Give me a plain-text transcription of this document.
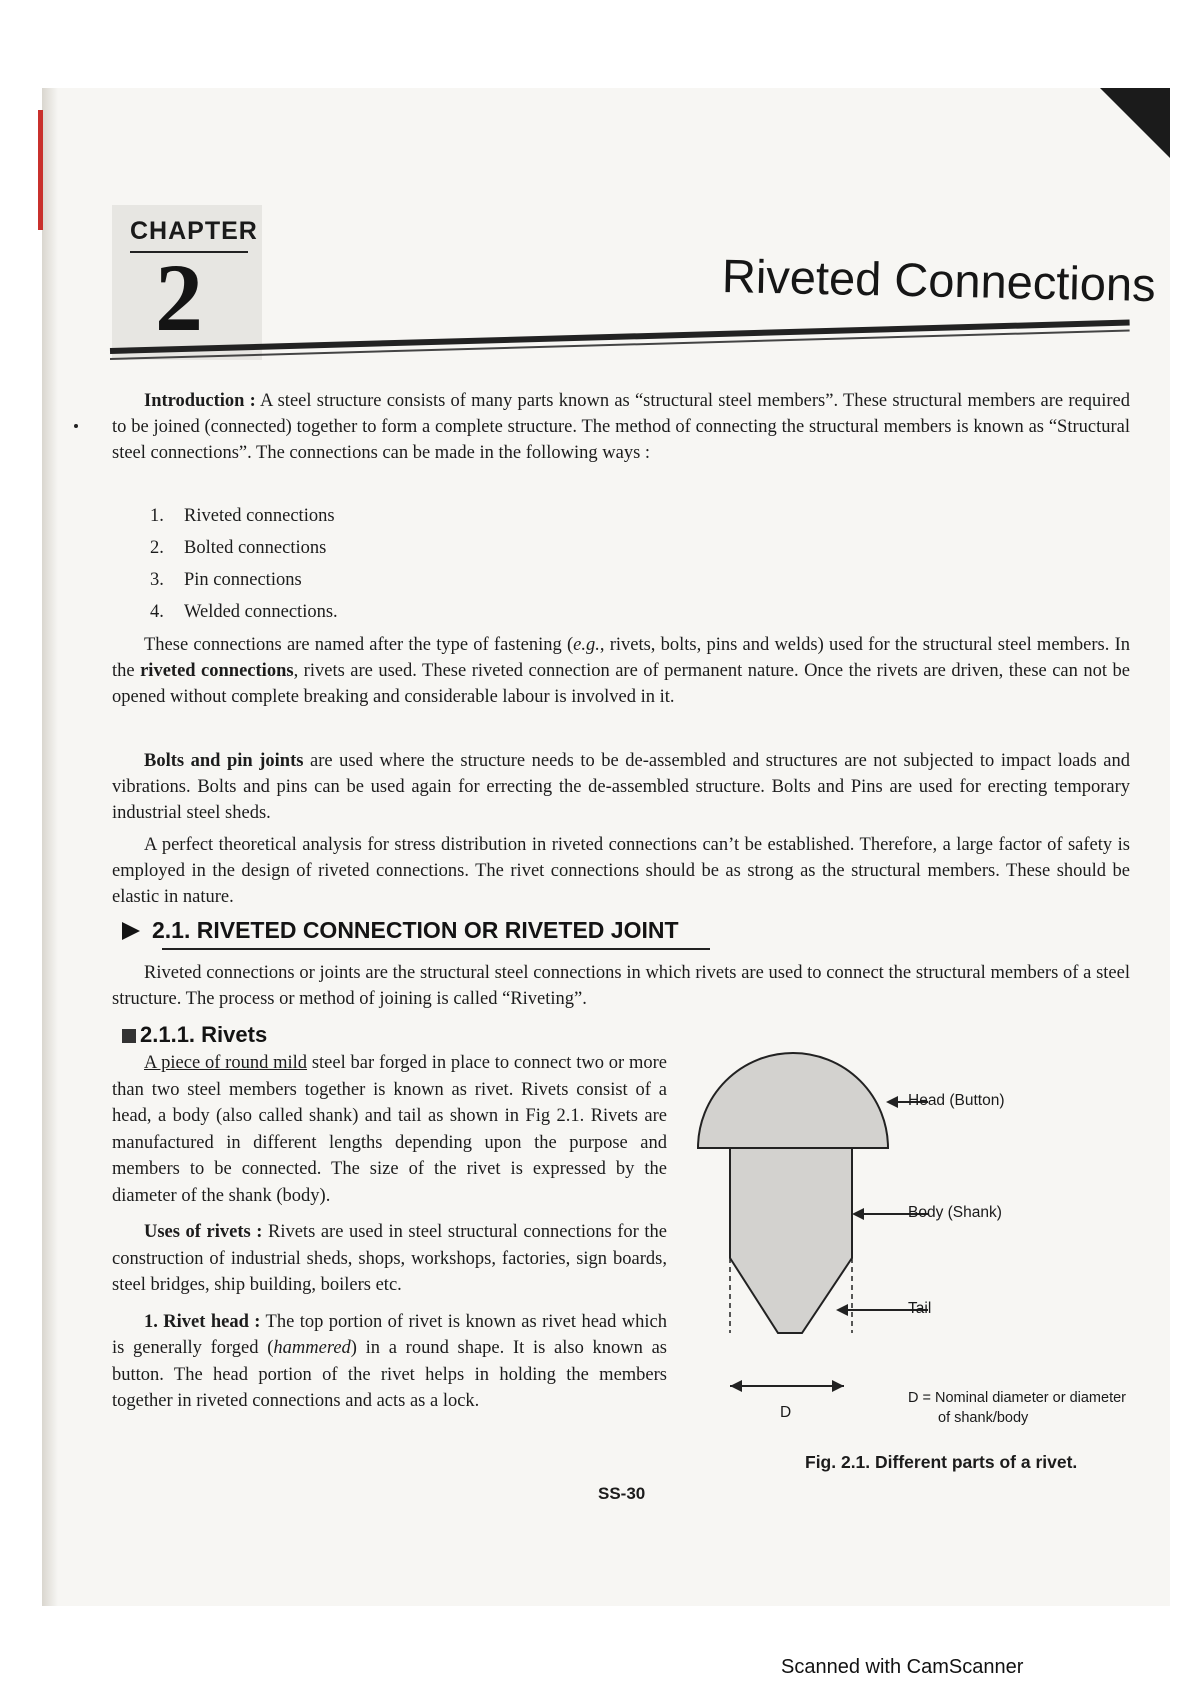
CHAPTER
2	Riveted Connections

Introduction : A steel structure consists of many parts known as “structural steel members”. These structural members are required to be joined (connected) together to form a complete structure. The method of connecting the structural members is known as “Structural steel connections”. The connections can be made in the following ways :

1. Riveted connections
2. Bolted connections
3. Pin connections
4. Welded connections.

These connections are named after the type of fastening (e.g., rivets, bolts, pins and welds) used for the structural steel members. In the riveted connections, rivets are used. These riveted connection are of permanent nature. Once the rivets are driven, these can not be opened without complete breaking and considerable labour is involved in it.

Bolts and pin joints are used where the structure needs to be de-assembled and structures are not subjected to impact loads and vibrations. Bolts and pins can be used again for errecting the de-assembled structure. Bolts and Pins are used for erecting temporary industrial steel sheds.

A perfect theoretical analysis for stress distribution in riveted connections can’t be established. Therefore, a large factor of safety is employed in the design of riveted connections. The rivet connections should be as strong as the structural members. These should be elastic in nature.

2.1. RIVETED CONNECTION OR RIVETED JOINT

Riveted connections or joints are the structural steel connections in which rivets are used to connect the structural members of a steel structure. The process or method of joining is called “Riveting”.

2.1.1. Rivets

A piece of round mild steel bar forged in place to connect two or more than two steel members together is known as rivet. Rivets consist of a head, a body (also called shank) and tail as shown in Fig 2.1. Rivets are manufactured in different lengths depending upon the purpose and members to be connected. The size of the rivet is expressed by the diameter of the shank (body).

Uses of rivets : Rivets are used in steel structural connections for the construction of industrial sheds, shops, workshops, factories, sign boards, steel bridges, ship building, boilers etc.

1. Rivet head : The top portion of rivet is known as rivet head which is generally forged (hammered) in a round shape. It is also known as button. The head portion of the rivet helps in holding the members together in riveted connections and acts as a lock.

Head (Button)
Body (Shank)
Tail
D
D = Nominal diameter or diameter
of shank/body
Fig. 2.1. Different parts of a rivet.
SS-30
Scanned with CamScanner
